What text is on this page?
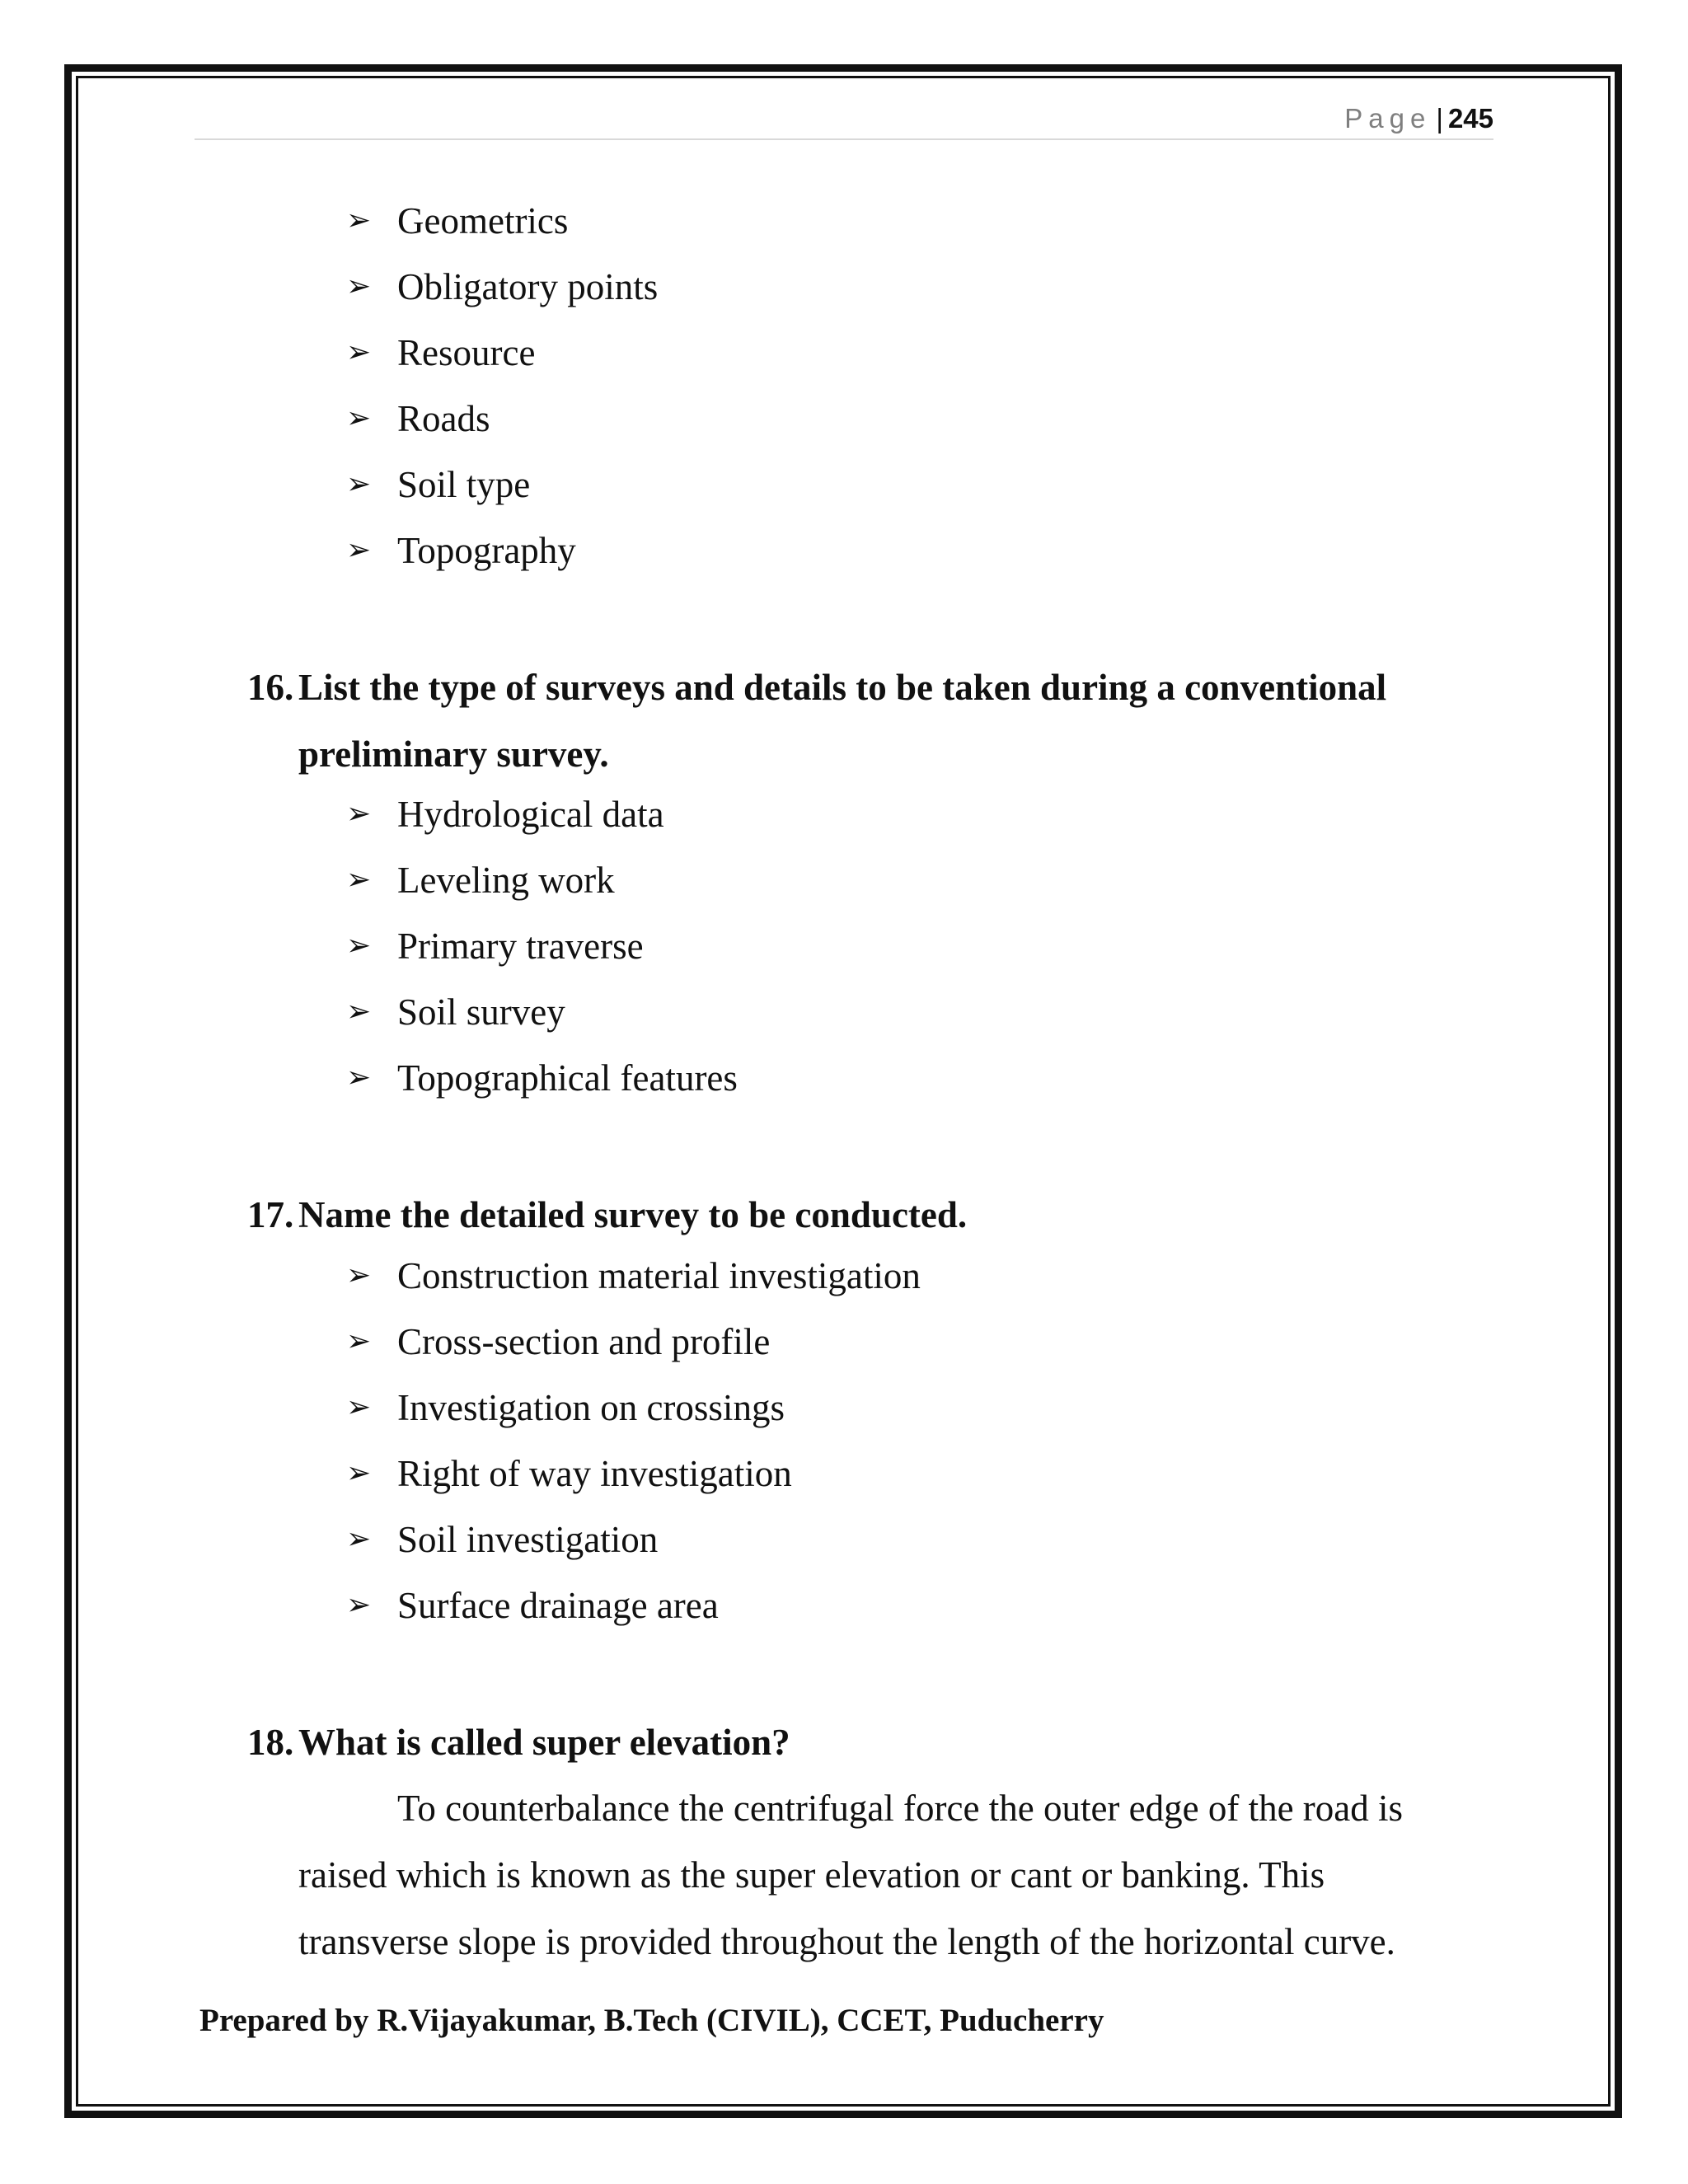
Page | 245
➢ Geometrics
➢ Obligatory points
➢ Resource
➢ Roads
➢ Soil type
➢ Topography
16. List the type of surveys and details to be taken during a conventional
preliminary survey.
➢ Hydrological data
➢ Leveling work
➢ Primary traverse
➢ Soil survey
➢ Topographical features
17. Name the detailed survey to be conducted.
➢ Construction material investigation
➢ Cross-section and profile
➢ Investigation on crossings
➢ Right of way investigation
➢ Soil investigation
➢ Surface drainage area
18. What is called super elevation?

To counterbalance the centrifugal force the outer edge of the road is raised which is known as the super elevation or cant or banking. This transverse slope is provided throughout the length of the horizontal curve.

Prepared by R.Vijayakumar, B.Tech (CIVIL), CCET, Puducherry
